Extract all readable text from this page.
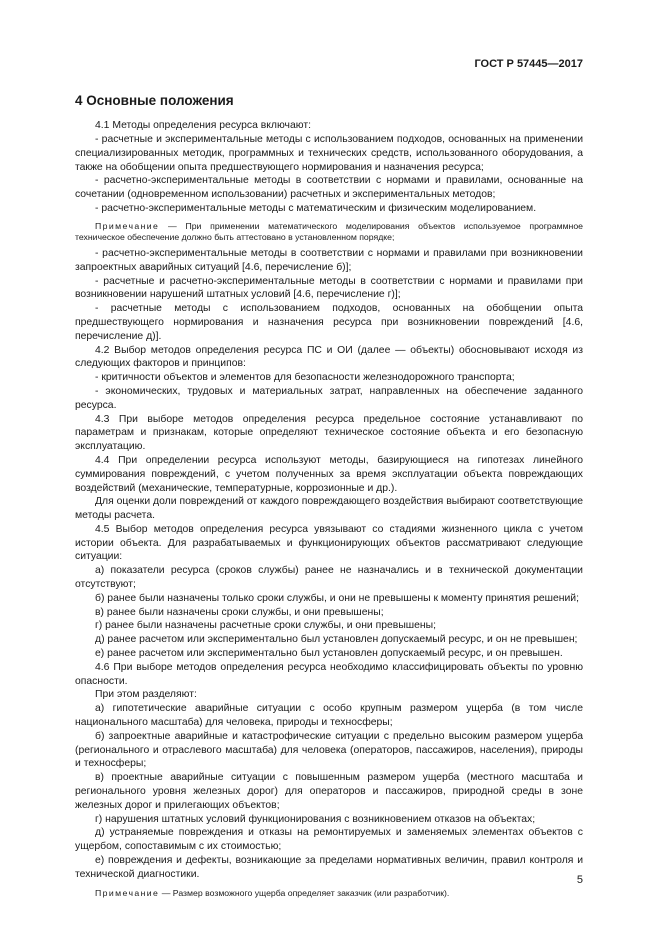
ГОСТ Р 57445—2017
4 Основные положения

4.1 Методы определения ресурса включают:

- расчетные и экспериментальные методы с использованием подходов, основанных на применении специализированных методик, программных и технических средств, использованного оборудования, а также на обобщении опыта предшествующего нормирования и назначения ресурса;

- расчетно-экспериментальные методы в соответствии с нормами и правилами, основанные на сочетании (одновременном использовании) расчетных и экспериментальных методов;

- расчетно-экспериментальные методы с математическим и физическим моделированием.

Примечание — При применении математического моделирования объектов используемое программное техническое обеспечение должно быть аттестовано в установленном порядке;

- расчетно-экспериментальные методы в соответствии с нормами и правилами при возникновении запроектных аварийных ситуаций [4.6, перечисление б)];

- расчетные и расчетно-экспериментальные методы в соответствии с нормами и правилами при возникновении нарушений штатных условий [4.6, перечисление г)];

- расчетные методы с использованием подходов, основанных на обобщении опыта предшествующего нормирования и назначения ресурса при возникновении повреждений [4.6, перечисление д)].

4.2 Выбор методов определения ресурса ПС и ОИ (далее — объекты) обосновывают исходя из следующих факторов и принципов:

- критичности объектов и элементов для безопасности железнодорожного транспорта;

- экономических, трудовых и материальных затрат, направленных на обеспечение заданного ресурса.

4.3 При выборе методов определения ресурса предельное состояние устанавливают по параметрам и признакам, которые определяют техническое состояние объекта и его безопасную эксплуатацию.

4.4 При определении ресурса используют методы, базирующиеся на гипотезах линейного суммирования повреждений, с учетом полученных за время эксплуатации объекта повреждающих воздействий (механические, температурные, коррозионные и др.).

Для оценки доли повреждений от каждого повреждающего воздействия выбирают соответствующие методы расчета.

4.5 Выбор методов определения ресурса увязывают со стадиями жизненного цикла с учетом истории объекта. Для разрабатываемых и функционирующих объектов рассматривают следующие ситуации:

а) показатели ресурса (сроков службы) ранее не назначались и в технической документации отсутствуют;

б) ранее были назначены только сроки службы, и они не превышены к моменту принятия решений;

в) ранее были назначены сроки службы, и они превышены;

г) ранее были назначены расчетные сроки службы, и они превышены;

д) ранее расчетом или экспериментально был установлен допускаемый ресурс, и он не превышен;

е) ранее расчетом или экспериментально был установлен допускаемый ресурс, и он превышен.

4.6 При выборе методов определения ресурса необходимо классифицировать объекты по уровню опасности.

При этом разделяют:

а) гипотетические аварийные ситуации с особо крупным размером ущерба (в том числе национального масштаба) для человека, природы и техносферы;

б) запроектные аварийные и катастрофические ситуации с предельно высоким размером ущерба (регионального и отраслевого масштаба) для человека (операторов, пассажиров, населения), природы и техносферы;

в) проектные аварийные ситуации с повышенным размером ущерба (местного масштаба и регионального уровня железных дорог) для операторов и пассажиров, природной среды в зоне железных дорог и прилегающих объектов;

г) нарушения штатных условий функционирования с возникновением отказов на объектах;

д) устраняемые повреждения и отказы на ремонтируемых и заменяемых элементах объектов с ущербом, сопоставимым с их стоимостью;

е) повреждения и дефекты, возникающие за пределами нормативных величин, правил контроля и технической диагностики.

Примечание — Размер возможного ущерба определяет заказчик (или разработчик).

5
